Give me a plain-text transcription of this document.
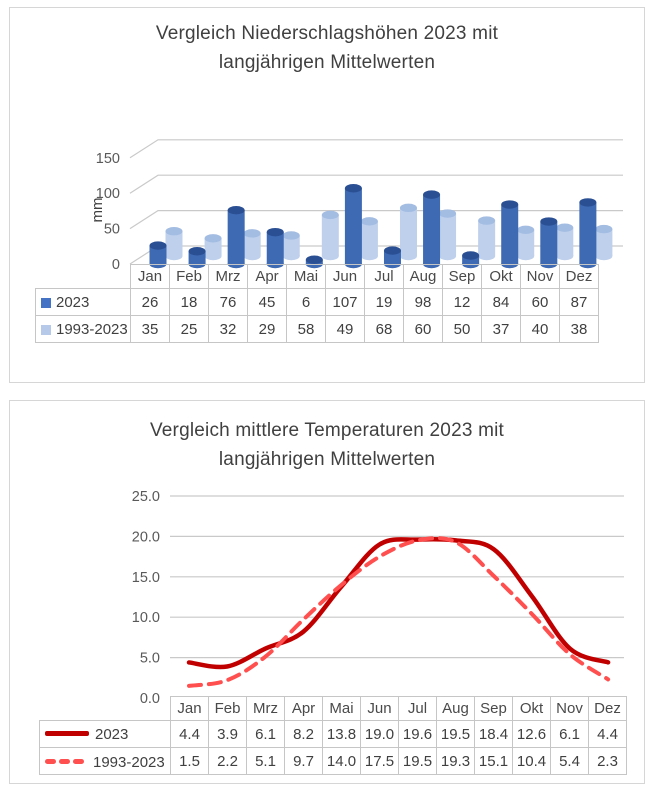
Vergleich Niederschlagshöhen 2023 mit
langjährigen Mittelwerten
mm
0
50
100
150
	Jan	Feb	Mrz	Apr	Mai	Jun	Jul	Aug	Sep	Okt	Nov	Dez
2023	26	18	76	45	6	107	19	98	12	84	60	87
1993-2023	35	25	32	29	58	49	68	60	50	37	40	38
Vergleich mittlere Temperaturen 2023 mit
langjährigen Mittelwerten
0.0
5.0
10.0
15.0
20.0
25.0
	Jan	Feb	Mrz	Apr	Mai	Jun	Jul	Aug	Sep	Okt	Nov	Dez
2023	4.4	3.9	6.1	8.2	13.8	19.0	19.6	19.5	18.4	12.6	6.1	4.4
1993-2023	1.5	2.2	5.1	9.7	14.0	17.5	19.5	19.3	15.1	10.4	5.4	2.3
